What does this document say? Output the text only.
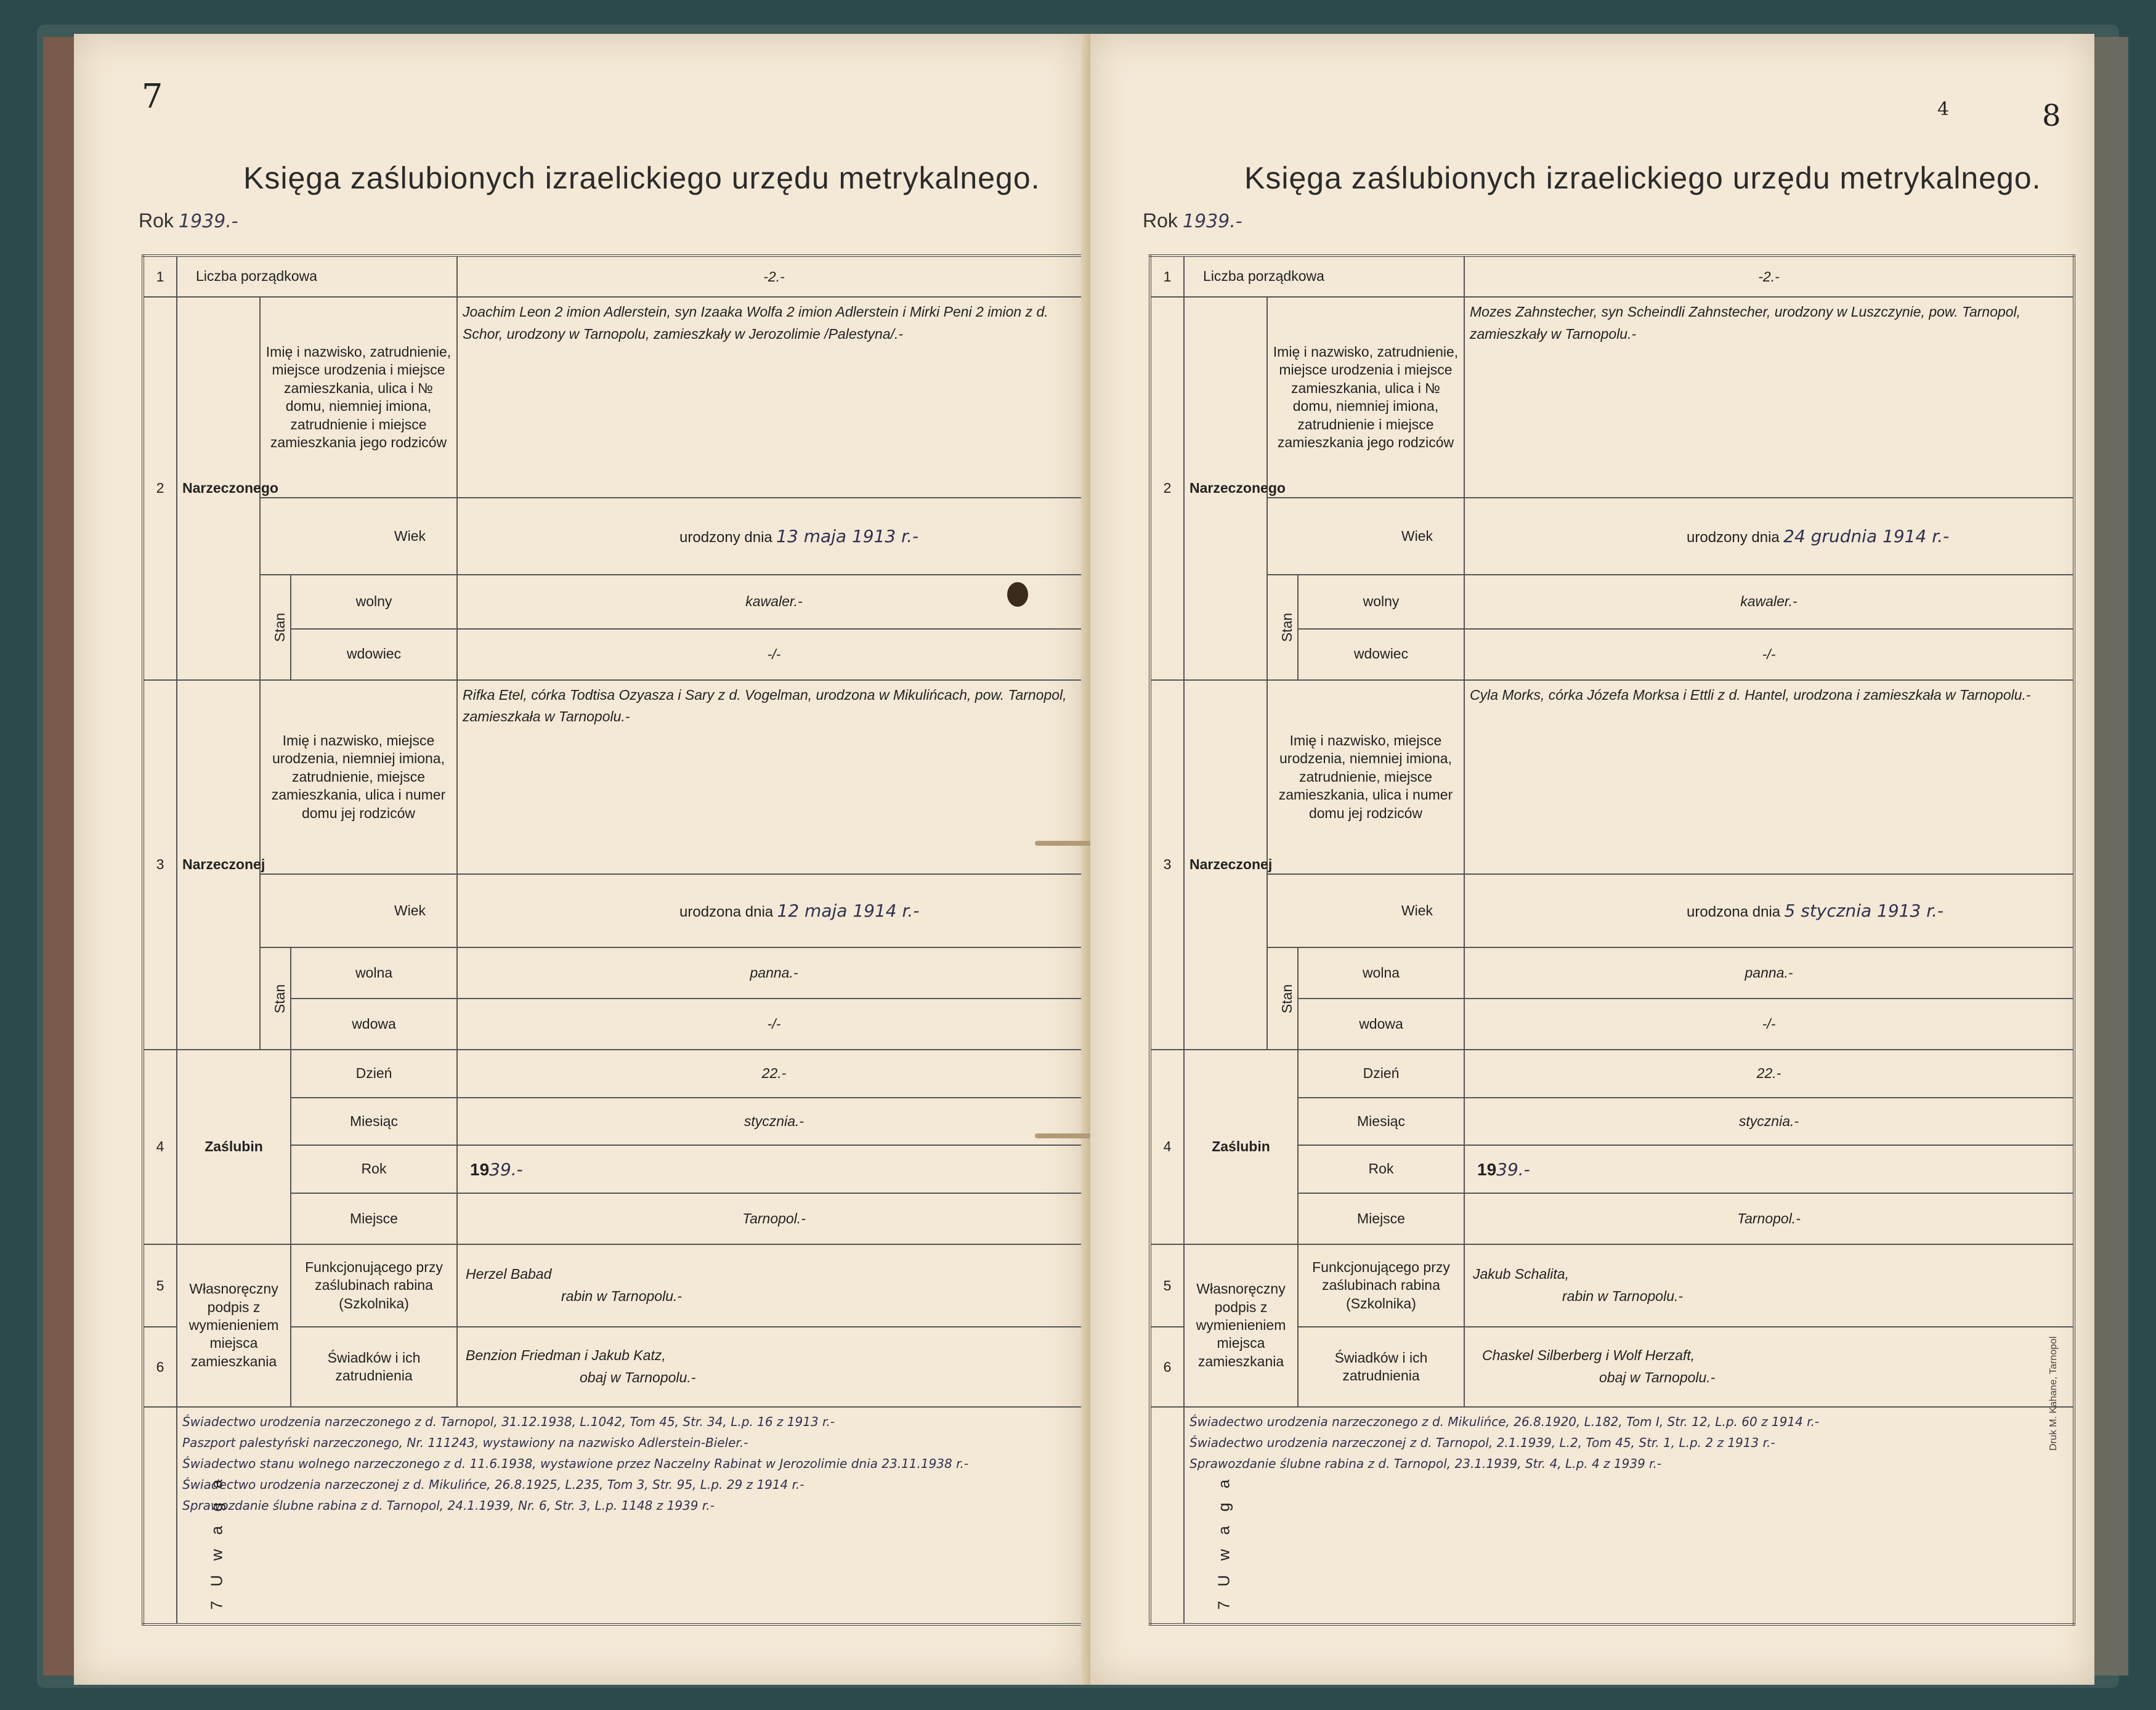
7
Księga zaślubionych izraelickiego urzędu metrykalnego.
Rok 1939.-
1	Liczba porządkowa			-2.-
2	Narzeczonego	Imię i nazwisko, zatrudnienie, miejsce urodzenia i miejsce zamieszkania, ulica i № domu, niemniej imiona, zatrudnienie i miejsce zamieszkania jego rodziców		Joachim Leon 2 imion Adlerstein, syn Izaaka Wolfa 2 imion Adlerstein i Mirki Peni 2 imion z d. Schor, urodzony w Tarnopolu, zamieszkały w Jerozolimie /Palestyna/.-
		Wiek		urodzony dnia 13 maja 1913 r.-
		Stan	wolny	kawaler.-
			wdowiec	-/-
3	Narzeczonej	Imię i nazwisko, miejsce urodzenia, niemniej imiona, zatrudnienie, miejsce zamieszkania, ulica i numer domu jej rodziców		Rifka Etel, córka Todtisa Ozyasza i Sary z d. Vogelman, urodzona w Mikulińcach, pow. Tarnopol, zamieszkała w Tarnopolu.-
		Wiek		urodzona dnia 12 maja 1914 r.-
		Stan	wolna	panna.-
			wdowa	-/-
4	Zaślubin		Dzień	22.-
			Miesiąc	stycznia.-
			Rok	1939.-
			Miejsce	Tarnopol.-
5	Własnoręczny podpis z wymienieniem miejsca zamieszkania		Funkcjonującego przy zaślubinach rabina (Szkolnika)	Herzel Babad
rabin w Tarnopolu.-

6			Świadków i ich zatrudnienia	Benzion Friedman i Jakub Katz,
obaj w Tarnopolu.-

7 U w a g a	Świadectwo urodzenia narzeczonego z d. Tarnopol, 31.12.1938, L.1042, Tom 45, Str. 34, L.p. 16 z 1913 r.-
Paszport palestyński narzeczonego, Nr. 111243, wystawiony na nazwisko Adlerstein-Bieler.-
Świadectwo stanu wolnego narzeczonego z d. 11.6.1938, wystawione przez Naczelny Rabinat w Jerozolimie dnia 23.11.1938 r.-
Świadectwo urodzenia narzeczonej z d. Mikulińce, 26.8.1925, L.235, Tom 3, Str. 95, L.p. 29 z 1914 r.-
Sprawozdanie ślubne rabina z d. Tarnopol, 24.1.1939, Nr. 6, Str. 3, L.p. 1148 z 1939 r.-			
8
4
Księga zaślubionych izraelickiego urzędu metrykalnego.
Rok 1939.-
1	Liczba porządkowa			-2.-
2	Narzeczonego	Imię i nazwisko, zatrudnienie, miejsce urodzenia i miejsce zamieszkania, ulica i № domu, niemniej imiona, zatrudnienie i miejsce zamieszkania jego rodziców		Mozes Zahnstecher, syn Scheindli Zahnstecher, urodzony w Luszczynie, pow. Tarnopol, zamieszkały w Tarnopolu.-
		Wiek		urodzony dnia 24 grudnia 1914 r.-
		Stan	wolny	kawaler.-
			wdowiec	-/-
3	Narzeczonej	Imię i nazwisko, miejsce urodzenia, niemniej imiona, zatrudnienie, miejsce zamieszkania, ulica i numer domu jej rodziców		Cyla Morks, córka Józefa Morksa i Ettli z d. Hantel, urodzona i zamieszkała w Tarnopolu.-
		Wiek		urodzona dnia 5 stycznia 1913 r.-
		Stan	wolna	panna.-
			wdowa	-/-
4	Zaślubin		Dzień	22.-
			Miesiąc	stycznia.-
			Rok	1939.-
			Miejsce	Tarnopol.-
5	Własnoręczny podpis z wymienieniem miejsca zamieszkania		Funkcjonującego przy zaślubinach rabina (Szkolnika)	Jakub Schalita,
rabin w Tarnopolu.-

6			Świadków i ich zatrudnienia	Chaskel Silberberg i Wolf Herzaft,
obaj w Tarnopolu.-

7 U w a g a	Świadectwo urodzenia narzeczonego z d. Mikulińce, 26.8.1920, L.182, Tom I, Str. 12, L.p. 60 z 1914 r.-
Świadectwo urodzenia narzeczonej z d. Tarnopol, 2.1.1939, L.2, Tom 45, Str. 1, L.p. 2 z 1913 r.-
Sprawozdanie ślubne rabina z d. Tarnopol, 23.1.1939, Str. 4, L.p. 4 z 1939 r.-			
Druk M. Kahane, Tarnopol
